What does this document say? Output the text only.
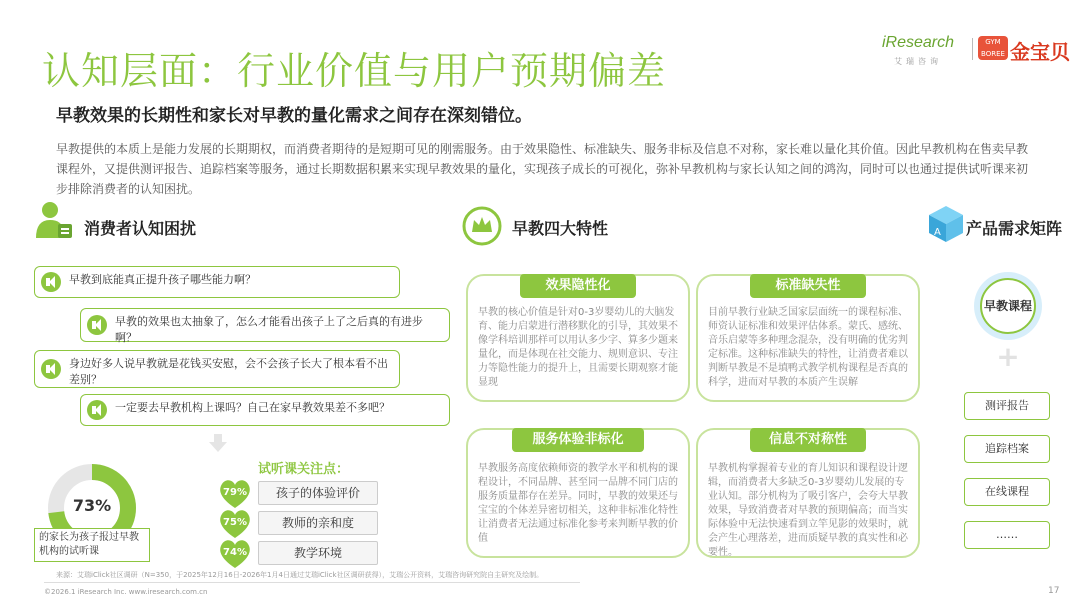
认知层面：行业价值与用户预期偏差
iResearch
艾瑞咨询
GYM
BOREE 金宝贝
早教效果的长期性和家长对早教的量化需求之间存在深刻错位。
早教提供的本质上是能力发展的长期期权，而消费者期待的是短期可见的刚需服务。由于效果隐性、标准缺失、服务非标及信息不对称，家长难以量化其价值。因此早教机构在售卖早教课程外，又提供测评报告、追踪档案等服务，通过长期数据积累来实现早教效果的量化，实现孩子成长的可视化，弥补早教机构与家长认知之间的鸿沟，同时可以也通过提供试听课来初步排除消费者的认知困扰。
消费者认知困扰
早教到底能真正提升孩子哪些能力啊？
早教的效果也太抽象了，怎么才能看出孩子上了之后真的有进步啊？
身边好多人说早教就是花钱买安慰，会不会孩子长大了根本看不出差别？
一定要去早教机构上课吗？自己在家早教效果差不多吧？
73%
的家长为孩子报过早教机构的试听课
试听课关注点：
79%	孩子的体验评价
75%	教师的亲和度
74%	教学环境
早教四大特性
效果隐性化
早教的核心价值是针对0-3岁婴幼儿的大脑发育、能力启蒙进行潜移默化的引导，其效果不像学科培训那样可以用认多少字、算多少题来量化，而是体现在社交能力、规则意识、专注力等隐性能力的提升上，且需要长期观察才能显现
标准缺失性
目前早教行业缺乏国家层面统一的课程标准、师资认证标准和效果评估体系。蒙氏、感统、音乐启蒙等多种理念混杂，没有明确的优劣判定标准。这种标准缺失的特性，让消费者难以判断早教是不是填鸭式教学机构课程是否真的科学，进而对早教的本质产生误解
服务体验非标化
早教服务高度依赖师资的教学水平和机构的课程设计，不同品牌、甚至同一品牌不同门店的服务质量都存在差异。同时，早教的效果还与宝宝的个体差异密切相关，这种非标准化特性让消费者无法通过标准化参考来判断早教的价值
信息不对称性
早教机构掌握着专业的育儿知识和课程设计逻辑，而消费者大多缺乏0-3岁婴幼儿发展的专业认知。部分机构为了吸引客户，会夸大早教效果，导致消费者对早教的预期偏高；而当实际体验中无法快速看到立竿见影的效果时，就会产生心理落差，进而质疑早教的真实性和必要性。
A 产品需求矩阵
早教课程
+
测评报告
追踪档案
在线课程
……
来源：艾瑞iClick社区调研（N=350，于2025年12月16日-2026年1月4日通过艾瑞iClick社区调研获得），艾瑞公开资料，艾瑞咨询研究院自主研究及绘制。
©2026.1 iResearch Inc. www.iresearch.com.cn	17
